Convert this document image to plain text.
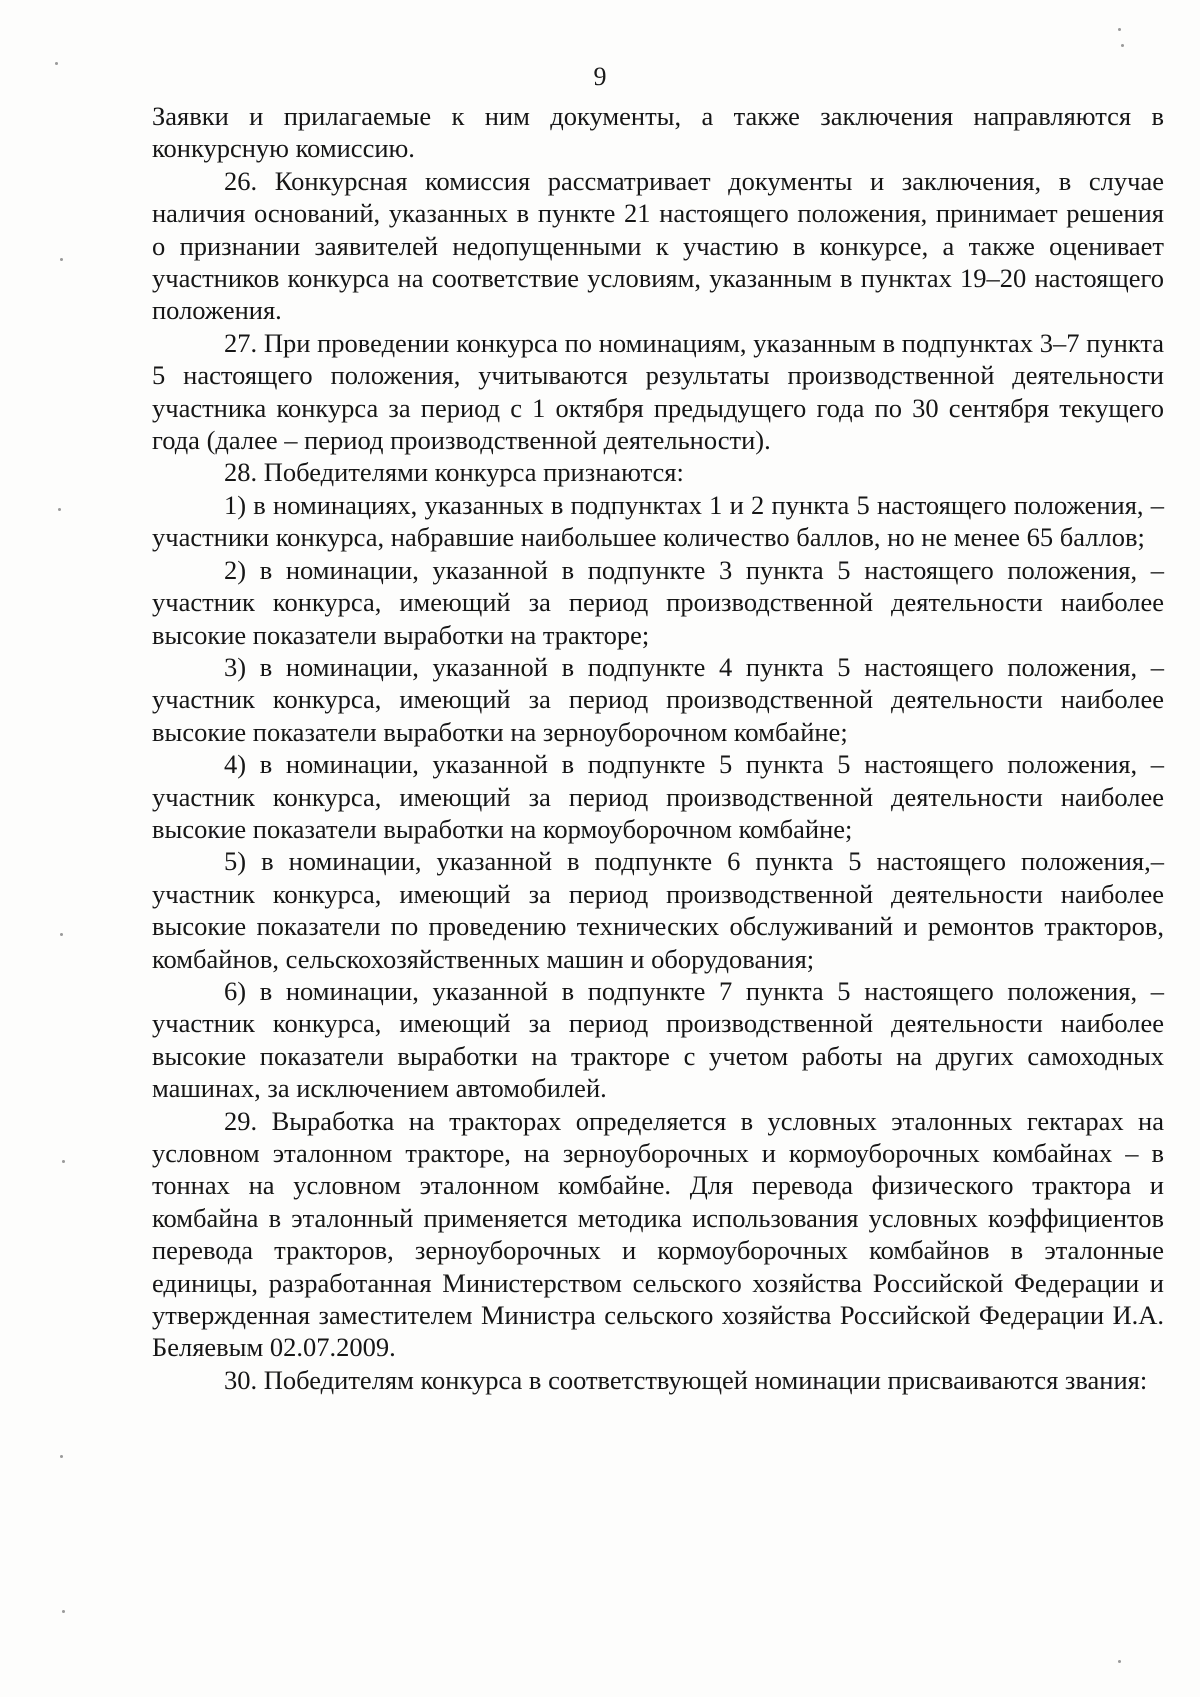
9

Заявки и прилагаемые к ним документы, а также заключения направляются в конкурсную комиссию.

26. Конкурсная комиссия рассматривает документы и заключения, в случае наличия оснований, указанных в пункте 21 настоящего положения, принимает решения о признании заявителей недопущенными к участию в конкурсе, а также оценивает участников конкурса на соответствие условиям, указанным в пунктах 19–20 настоящего положения.

27. При проведении конкурса по номинациям, указанным в подпунктах 3–7 пункта 5 настоящего положения, учитываются результаты производственной деятельности участника конкурса за период с 1 октября предыдущего года по 30 сентября текущего года (далее – период производственной деятельности).

28. Победителями конкурса признаются:

1) в номинациях, указанных в подпунктах 1 и 2 пункта 5 настоящего положения, – участники конкурса, набравшие наибольшее количество баллов, но не менее 65 баллов;

2) в номинации, указанной в подпункте 3 пункта 5 настоящего положения, – участник конкурса, имеющий за период производственной деятельности наиболее высокие показатели выработки на тракторе;

3) в номинации, указанной в подпункте 4 пункта 5 настоящего положения, – участник конкурса, имеющий за период производственной деятельности наиболее высокие показатели выработки на зерноуборочном комбайне;

4) в номинации, указанной в подпункте 5 пункта 5 настоящего положения, – участник конкурса, имеющий за период производственной деятельности наиболее высокие показатели выработки на кормоуборочном комбайне;

5) в номинации, указанной в подпункте 6 пункта 5 настоящего положения,– участник конкурса, имеющий за период производственной деятельности наиболее высокие показатели по проведению технических обслуживаний и ремонтов тракторов, комбайнов, сельскохозяйственных машин и оборудования;

6) в номинации, указанной в подпункте 7 пункта 5 настоящего положения, – участник конкурса, имеющий за период производственной деятельности наиболее высокие показатели выработки на тракторе с учетом работы на других самоходных машинах, за исключением автомобилей.

29. Выработка на тракторах определяется в условных эталонных гектарах на условном эталонном тракторе, на зерноуборочных и кормоуборочных комбайнах – в тоннах на условном эталонном комбайне. Для перевода физического трактора и комбайна в эталонный применяется методика использования условных коэффициентов перевода тракторов, зерноуборочных и кормоуборочных комбайнов в эталонные единицы, разработанная Министерством сельского хозяйства Российской Федерации и утвержденная заместителем Министра сельского хозяйства Российской Федерации И.А. Беляевым 02.07.2009.

30. Победителям конкурса в соответствующей номинации присваиваются звания:
